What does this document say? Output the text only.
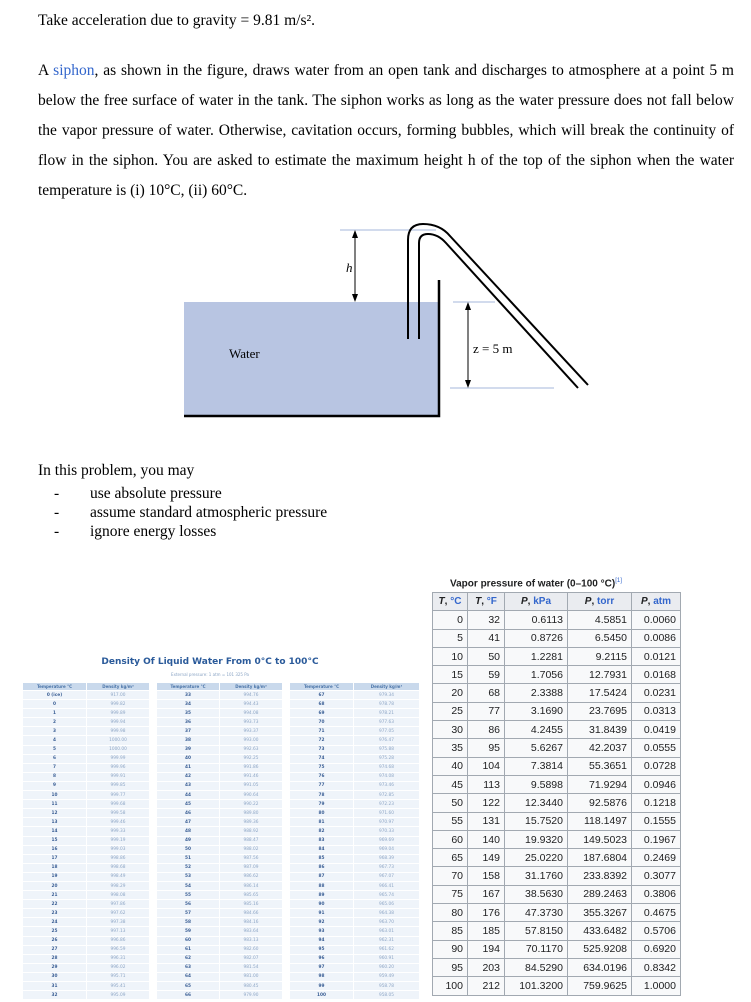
Take acceleration due to gravity = 9.81 m/s².
A siphon, as shown in the figure, draws water from an open tank and discharges to atmosphere at a point 5 m below the free surface of water in the tank. The siphon works as long as the water pressure does not fall below the vapor pressure of water. Otherwise, cavitation occurs, forming bubbles, which will break the continuity of flow in the siphon. You are asked to estimate the maximum height h of the top of the siphon when the water temperature is (i) 10°C, (ii) 60°C.
h
z = 5 m
Water
In this problem, you may
- use absolute pressure
- assume standard atmospheric pressure
- ignore energy losses
Density Of Liquid Water From 0°C to 100°C
External pressure: 1 atm = 101 325 Pa
Temperature °C	Density kg/m³
0 (ice)	917.00
0	999.82
1	999.89
2	999.94
3	999.98
4	1000.00
5	1000.00
6	999.99
7	999.96
8	999.91
9	999.85
10	999.77
11	999.68
12	999.58
13	999.46
14	999.33
15	999.19
16	999.03
17	998.86
18	998.68
19	998.49
20	998.29
21	998.08
22	997.86
23	997.62
24	997.38
25	997.13
26	996.86
27	996.59
28	996.31
29	996.02
30	995.71
31	995.41
32	995.09
Temperature °C	Density kg/m³
33	994.76
34	994.43
35	994.08
36	993.73
37	993.37
38	993.00
39	992.63
40	992.25
41	991.86
42	991.46
43	991.05
44	990.64
45	990.22
46	989.80
47	989.36
48	988.92
49	988.47
50	988.02
51	987.56
52	987.09
53	986.62
54	986.14
55	985.65
56	985.16
57	984.66
58	984.16
59	983.64
60	983.13
61	982.60
62	982.07
63	981.54
64	981.00
65	980.45
66	979.90
Temperature °C	Density kg/m³
67	979.34
68	978.78
69	978.21
70	977.63
71	977.05
72	976.47
73	975.88
74	975.28
75	974.68
76	974.08
77	973.46
78	972.85
79	972.23
80	971.60
81	970.97
82	970.33
83	969.69
84	969.04
85	968.39
86	967.73
87	967.07
88	966.41
89	965.74
90	965.06
91	964.38
92	963.70
93	963.01
94	962.31
95	961.62
96	960.91
97	960.20
98	959.49
99	958.78
100	958.05
Vapor pressure of water (0–100 °C)[1]
T, °C	T, °F	P, kPa	P, torr	P, atm
0	32	0.6113	4.5851	0.0060
5	41	0.8726	6.5450	0.0086
10	50	1.2281	9.2115	0.0121
15	59	1.7056	12.7931	0.0168
20	68	2.3388	17.5424	0.0231
25	77	3.1690	23.7695	0.0313
30	86	4.2455	31.8439	0.0419
35	95	5.6267	42.2037	0.0555
40	104	7.3814	55.3651	0.0728
45	113	9.5898	71.9294	0.0946
50	122	12.3440	92.5876	0.1218
55	131	15.7520	118.1497	0.1555
60	140	19.9320	149.5023	0.1967
65	149	25.0220	187.6804	0.2469
70	158	31.1760	233.8392	0.3077
75	167	38.5630	289.2463	0.3806
80	176	47.3730	355.3267	0.4675
85	185	57.8150	433.6482	0.5706
90	194	70.1170	525.9208	0.6920
95	203	84.5290	634.0196	0.8342
100	212	101.3200	759.9625	1.0000
